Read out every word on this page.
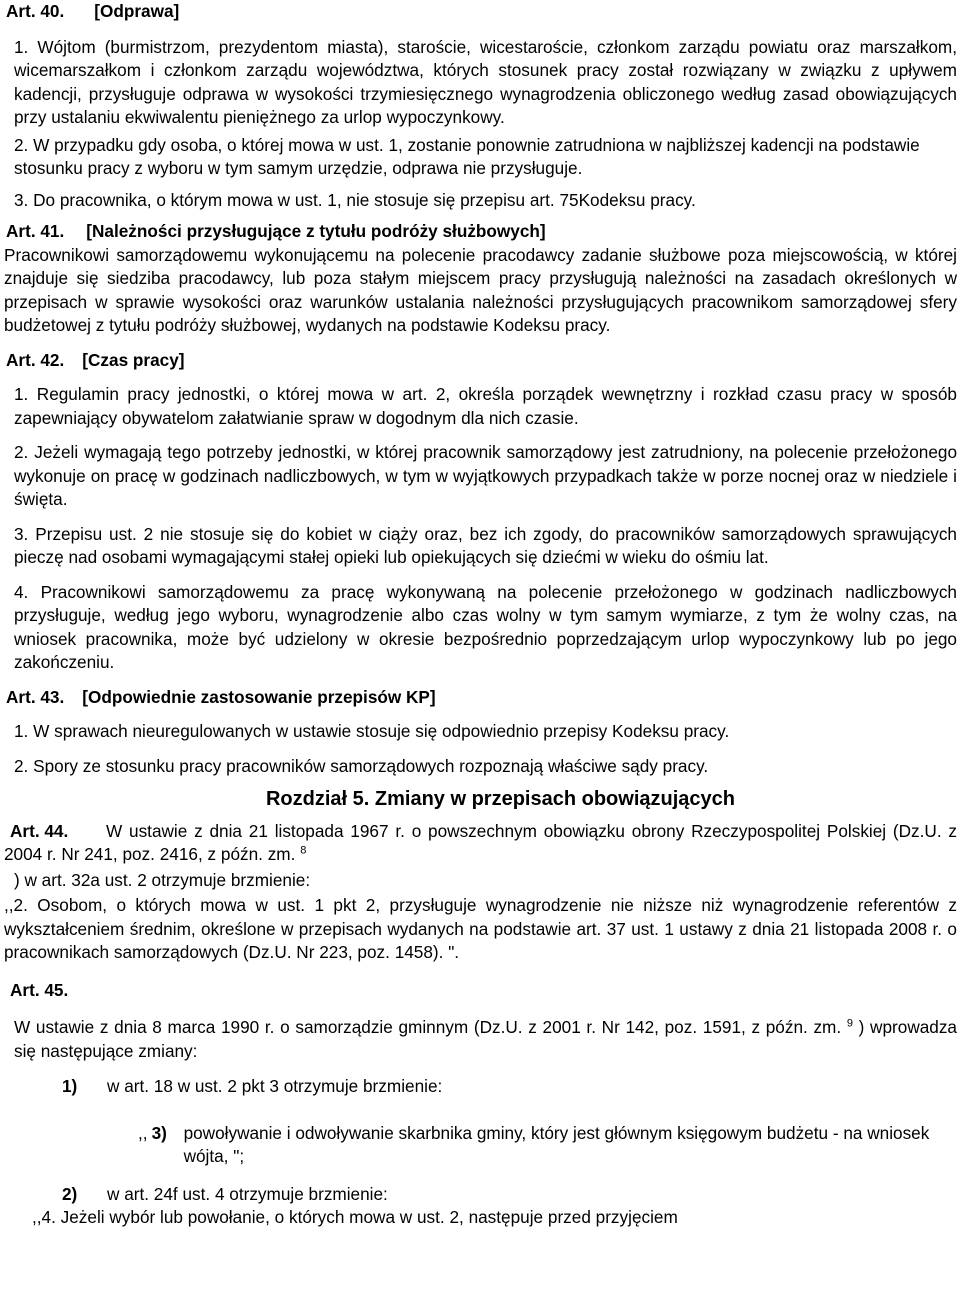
Art. 40. [Odprawa]

1. Wójtom (burmistrzom, prezydentom miasta), staroście, wicestaroście, członkom zarządu powiatu oraz marszałkom, wicemarszałkom i członkom zarządu województwa, których stosunek pracy został rozwiązany w związku z upływem kadencji, przysługuje odprawa w wysokości trzymiesięcznego wynagrodzenia obliczonego według zasad obowiązujących przy ustalaniu ekwiwalentu pieniężnego za urlop wypoczynkowy.

2. W przypadku gdy osoba, o której mowa w ust. 1, zostanie ponownie zatrudniona w najbliższej kadencji na podstawie stosunku pracy z wyboru w tym samym urzędzie, odprawa nie przysługuje.

3. Do pracownika, o którym mowa w ust. 1, nie stosuje się przepisu art. 75Kodeksu pracy.

Art. 41. [Należności przysługujące z tytułu podróży służbowych]

Pracownikowi samorządowemu wykonującemu na polecenie pracodawcy zadanie służbowe poza miejscowością, w której znajduje się siedziba pracodawcy, lub poza stałym miejscem pracy przysługują należności na zasadach określonych w przepisach w sprawie wysokości oraz warunków ustalania należności przysługujących pracownikom samorządowej sfery budżetowej z tytułu podróży służbowej, wydanych na podstawie Kodeksu pracy.

Art. 42. [Czas pracy]

1. Regulamin pracy jednostki, o której mowa w art. 2, określa porządek wewnętrzny i rozkład czasu pracy w sposób zapewniający obywatelom załatwianie spraw w dogodnym dla nich czasie.

2. Jeżeli wymagają tego potrzeby jednostki, w której pracownik samorządowy jest zatrudniony, na polecenie przełożonego wykonuje on pracę w godzinach nadliczbowych, w tym w wyjątkowych przypadkach także w porze nocnej oraz w niedziele i święta.

3. Przepisu ust. 2 nie stosuje się do kobiet w ciąży oraz, bez ich zgody, do pracowników samorządowych sprawujących pieczę nad osobami wymagającymi stałej opieki lub opiekujących się dziećmi w wieku do ośmiu lat.

4. Pracownikowi samorządowemu za pracę wykonywaną na polecenie przełożonego w godzinach nadliczbowych przysługuje, według jego wyboru, wynagrodzenie albo czas wolny w tym samym wymiarze, z tym że wolny czas, na wniosek pracownika, może być udzielony w okresie bezpośrednio poprzedzającym urlop wypoczynkowy lub po jego zakończeniu.

Art. 43. [Odpowiednie zastosowanie przepisów KP]

1. W sprawach nieuregulowanych w ustawie stosuje się odpowiednio przepisy Kodeksu pracy.

2. Spory ze stosunku pracy pracowników samorządowych rozpoznają właściwe sądy pracy.

Rozdział 5. Zmiany w przepisach obowiązujących

Art. 44. W ustawie z dnia 21 listopada 1967 r. o powszechnym obowiązku obrony Rzeczypospolitej Polskiej (Dz.U. z 2004 r. Nr 241, poz. 2416, z późn. zm. $^8$

) w art. 32a ust. 2 otrzymuje brzmienie:

,,2. Osobom, o których mowa w ust. 1 pkt 2, przysługuje wynagrodzenie nie niższe niż wynagrodzenie referentów z wykształceniem średnim, określone w przepisach wydanych na podstawie art. 37 ust. 1 ustawy z dnia 21 listopada 2008 r. o pracownikach samorządowych (Dz.U. Nr 223, poz. 1458). ".

Art. 45.

W ustawie z dnia 8 marca 1990 r. o samorządzie gminnym (Dz.U. z 2001 r. Nr 142, poz. 1591, z późn. zm. $^9$ ) wprowadza się następujące zmiany:

1) w art. 18 w ust. 2 pkt 3 otrzymuje brzmienie:

,, 3) powoływanie i odwoływanie skarbnika gminy, który jest głównym księgowym budżetu - na wniosek wójta, ";

2) w art. 24f ust. 4 otrzymuje brzmienie:

,,4. Jeżeli wybór lub powołanie, o których mowa w ust. 2, następuje przed przyjęciem
